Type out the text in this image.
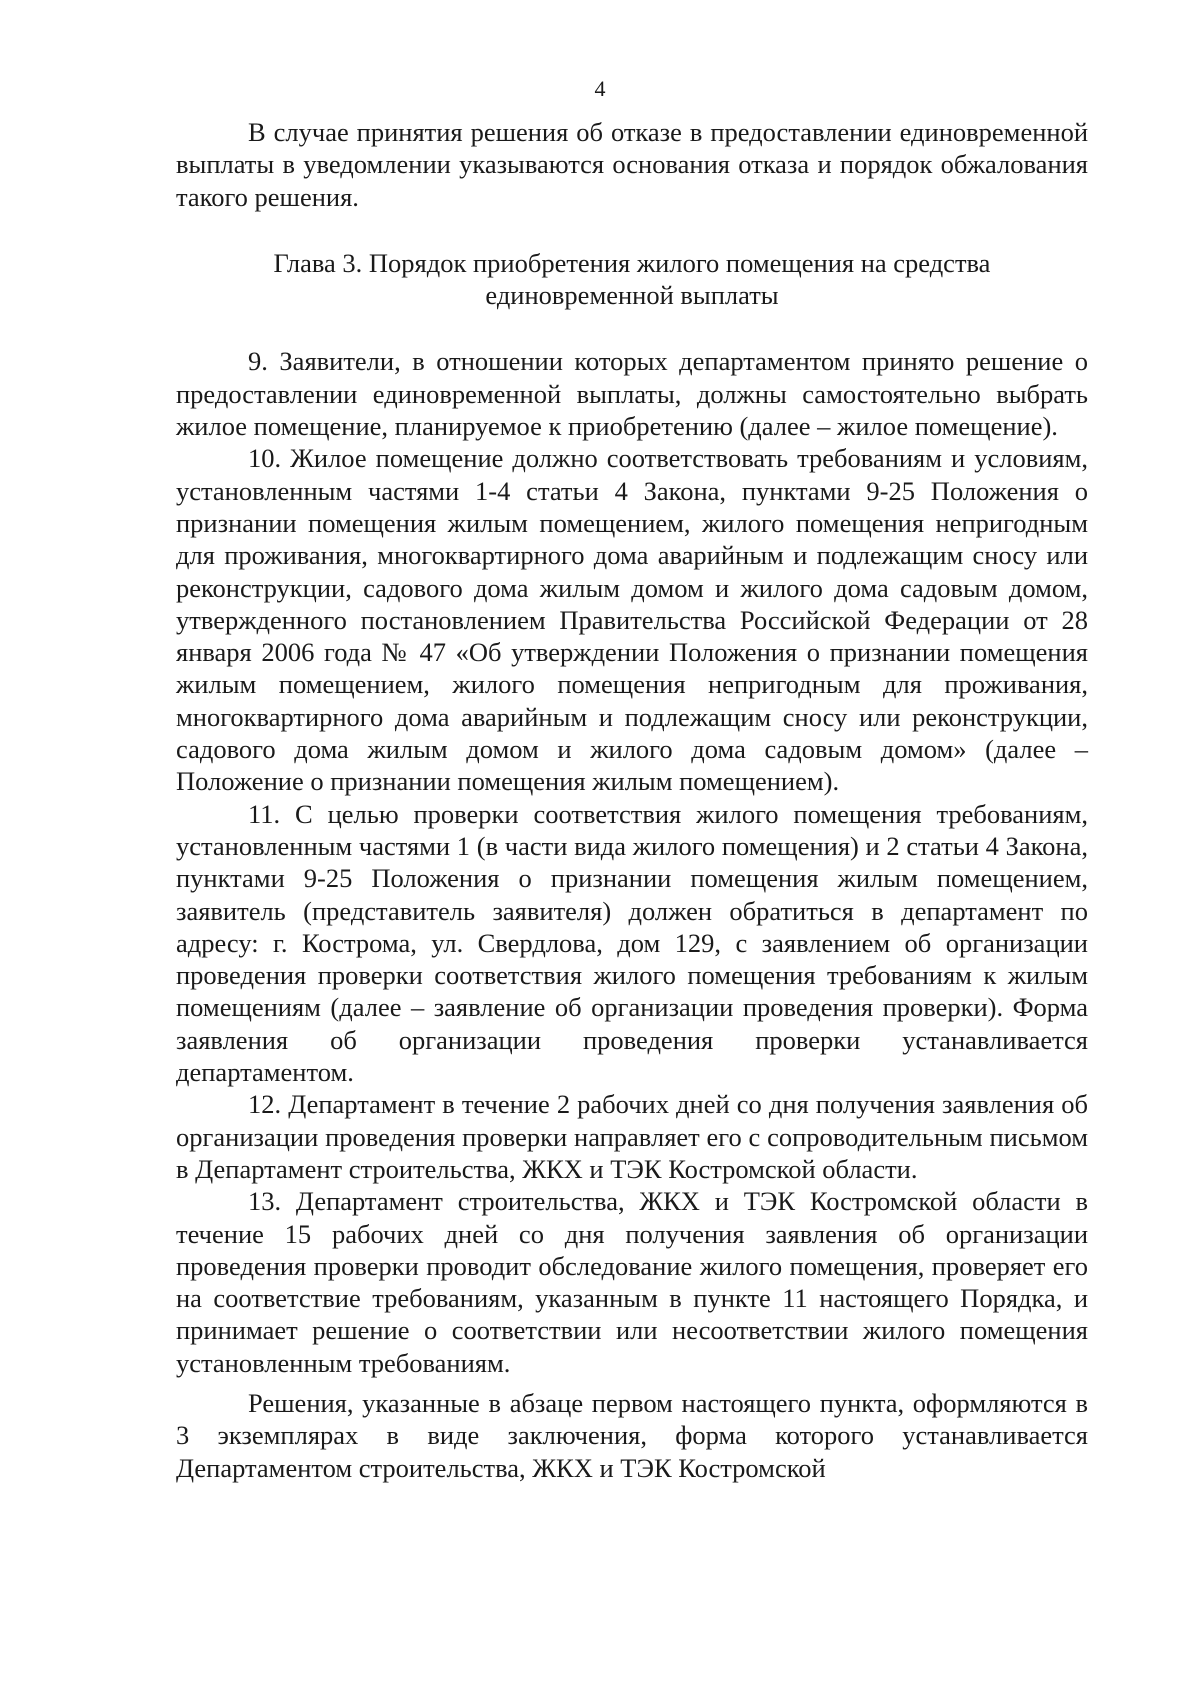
4

В случае принятия решения об отказе в предоставлении единовременной выплаты в уведомлении указываются основания отказа и порядок обжалования такого решения.

Глава 3. Порядок приобретения жилого помещения на средства единовременной выплаты

9. Заявители, в отношении которых департаментом принято решение о предоставлении единовременной выплаты, должны самостоятельно выбрать жилое помещение, планируемое к приобретению (далее – жилое помещение).

10. Жилое помещение должно соответствовать требованиям и условиям, установленным частями 1-4 статьи 4 Закона, пунктами 9-25 Положения о признании помещения жилым помещением, жилого помещения непригодным для проживания, многоквартирного дома аварийным и подлежащим сносу или реконструкции, садового дома жилым домом и жилого дома садовым домом, утвержденного постановлением Правительства Российской Федерации от 28 января 2006 года № 47 «Об утверждении Положения о признании помещения жилым помещением, жилого помещения непригодным для проживания, многоквартирного дома аварийным и подлежащим сносу или реконструкции, садового дома жилым домом и жилого дома садовым домом» (далее – Положение о признании помещения жилым помещением).

11. С целью проверки соответствия жилого помещения требованиям, установленным частями 1 (в части вида жилого помещения) и 2 статьи 4 Закона, пунктами 9-25 Положения о признании помещения жилым помещением, заявитель (представитель заявителя) должен обратиться в департамент по адресу: г. Кострома, ул. Свердлова, дом 129, с заявлением об организации проведения проверки соответствия жилого помещения требованиям к жилым помещениям (далее – заявление об организации проведения проверки). Форма заявления об организации проведения проверки устанавливается департаментом.

12. Департамент в течение 2 рабочих дней со дня получения заявления об организации проведения проверки направляет его с сопроводительным письмом в Департамент строительства, ЖКХ и ТЭК Костромской области.

13. Департамент строительства, ЖКХ и ТЭК Костромской области в течение 15 рабочих дней со дня получения заявления об организации проведения проверки проводит обследование жилого помещения, проверяет его на соответствие требованиям, указанным в пункте 11 настоящего Порядка, и принимает решение о соответствии или несоответствии жилого помещения установленным требованиям.

Решения, указанные в абзаце первом настоящего пункта, оформляются в 3 экземплярах в виде заключения, форма которого устанавливается Департаментом строительства, ЖКХ и ТЭК Костромской
